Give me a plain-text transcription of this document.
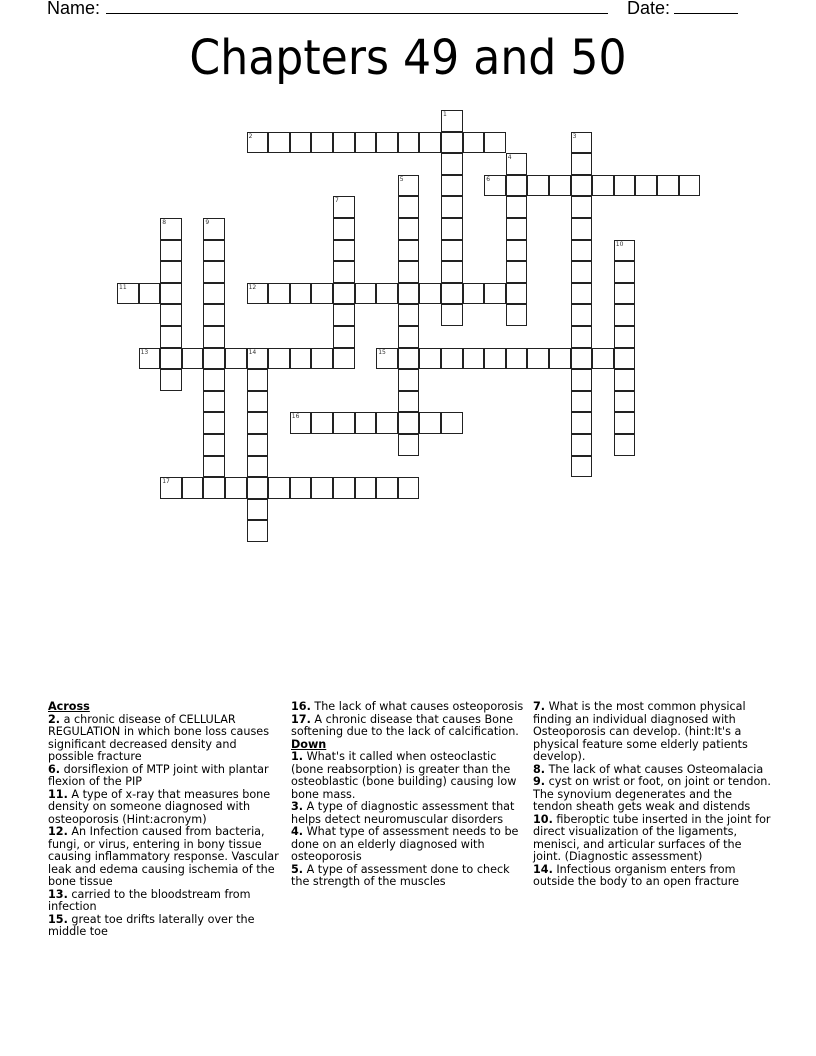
Name:	Date:
Chapters 49 and 50
1
2	3
4
5	6
7
8	9
10
11	12
13	14	15
16
17
Across
2. a chronic disease of CELLULAR REGULATION in which bone loss causes significant decreased density and possible fracture
6. dorsiflexion of MTP joint with plantar flexion of the PIP
11. A type of x-ray that measures bone density on someone diagnosed with osteoporosis (Hint:acronym)
12. An Infection caused from bacteria, fungi, or virus, entering in bony tissue causing inflammatory response. Vascular leak and edema causing ischemia of the bone tissue
13. carried to the bloodstream from infection
15. great toe drifts laterally over the middle toe
16. The lack of what causes osteoporosis
17. A chronic disease that causes Bone softening due to the lack of calcification.
Down
1. What's it called when osteoclastic (bone reabsorption) is greater than the osteoblastic (bone building) causing low bone mass.
3. A type of diagnostic assessment that helps detect neuromuscular disorders
4. What type of assessment needs to be done on an elderly diagnosed with osteoporosis
5. A type of assessment done to check the strength of the muscles
7. What is the most common physical finding an individual diagnosed with Osteoporosis can develop. (hint:It's a physical feature some elderly patients develop).
8. The lack of what causes Osteomalacia
9. cyst on wrist or foot, on joint or tendon. The synovium degenerates and the tendon sheath gets weak and distends
10. fiberoptic tube inserted in the joint for direct visualization of the ligaments, menisci, and articular surfaces of the joint. (Diagnostic assessment)
14. Infectious organism enters from outside the body to an open fracture
